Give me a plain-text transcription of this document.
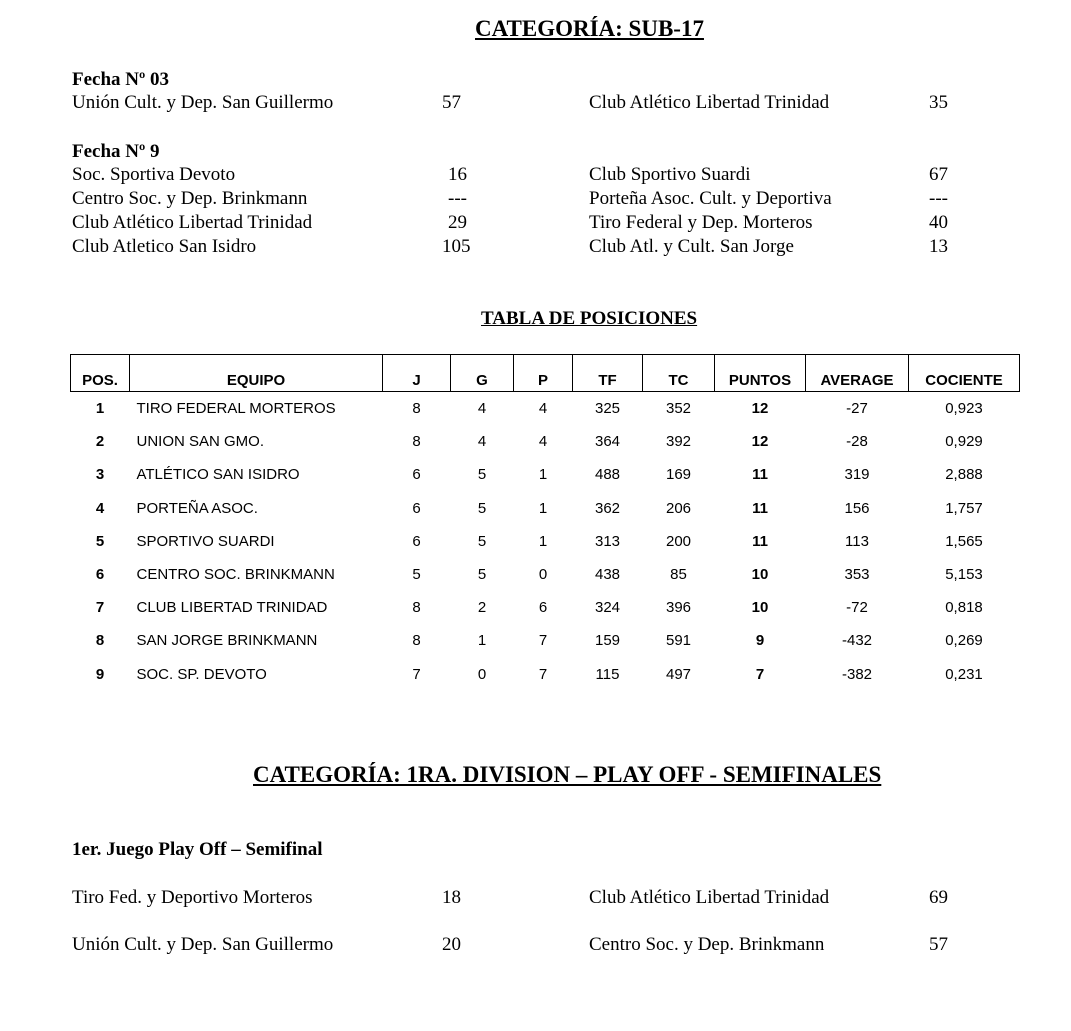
CATEGORÍA: SUB-17
Fecha Nº 03
Unión Cult. y Dep. San Guillermo	57	Club Atlético Libertad Trinidad	35
Fecha Nº 9
Soc. Sportiva Devoto	16	Club Sportivo Suardi	67
Centro Soc. y Dep. Brinkmann	---	Porteña Asoc. Cult. y Deportiva	---
Club Atlético Libertad Trinidad	29	Tiro Federal y Dep. Morteros	40
Club Atletico San Isidro	105	Club Atl. y Cult. San Jorge	13
TABLA DE POSICIONES
POS.	EQUIPO	J	G	P	TF	TC	PUNTOS	AVERAGE	COCIENTE
1	TIRO FEDERAL MORTEROS	8	4	4	325	352	12	-27	0,923
2	UNION SAN GMO.	8	4	4	364	392	12	-28	0,929
3	ATLÉTICO SAN ISIDRO	6	5	1	488	169	11	319	2,888
4	PORTEÑA ASOC.	6	5	1	362	206	11	156	1,757
5	SPORTIVO SUARDI	6	5	1	313	200	11	113	1,565
6	CENTRO SOC. BRINKMANN	5	5	0	438	85	10	353	5,153
7	CLUB LIBERTAD TRINIDAD	8	2	6	324	396	10	-72	0,818
8	SAN JORGE BRINKMANN	8	1	7	159	591	9	-432	0,269
9	SOC. SP. DEVOTO	7	0	7	115	497	7	-382	0,231
CATEGORÍA: 1RA. DIVISION – PLAY OFF - SEMIFINALES
1er. Juego Play Off – Semifinal
Tiro Fed. y Deportivo Morteros	18	Club Atlético Libertad Trinidad	69
Unión Cult. y Dep. San Guillermo	20	Centro Soc. y Dep. Brinkmann	57
